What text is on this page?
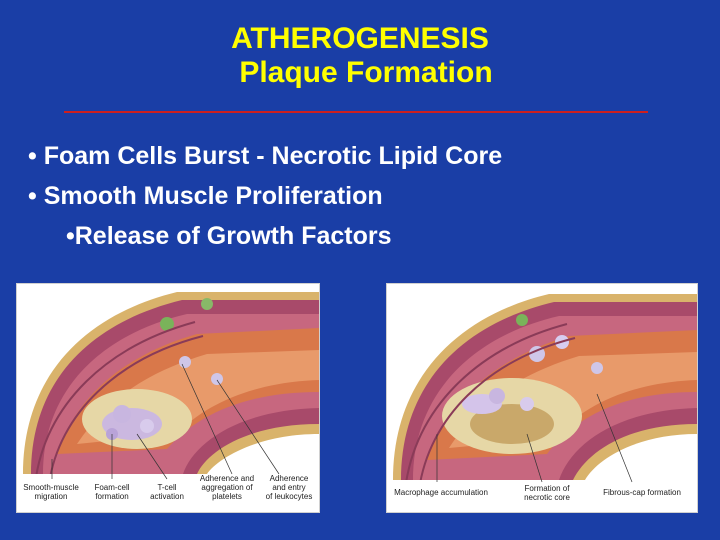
ATHEROGENESIS
Plaque Formation
• Foam Cells Burst - Necrotic Lipid Core
• Smooth Muscle Proliferation
•Release of Growth Factors
Smooth-muscle
migration
Foam-cell
formation
T-cell
activation
Adherence and
aggregation of
platelets
Adherence
and entry
of leukocytes	Macrophage accumulation	Formation of
necrotic core
Fibrous-cap formation
